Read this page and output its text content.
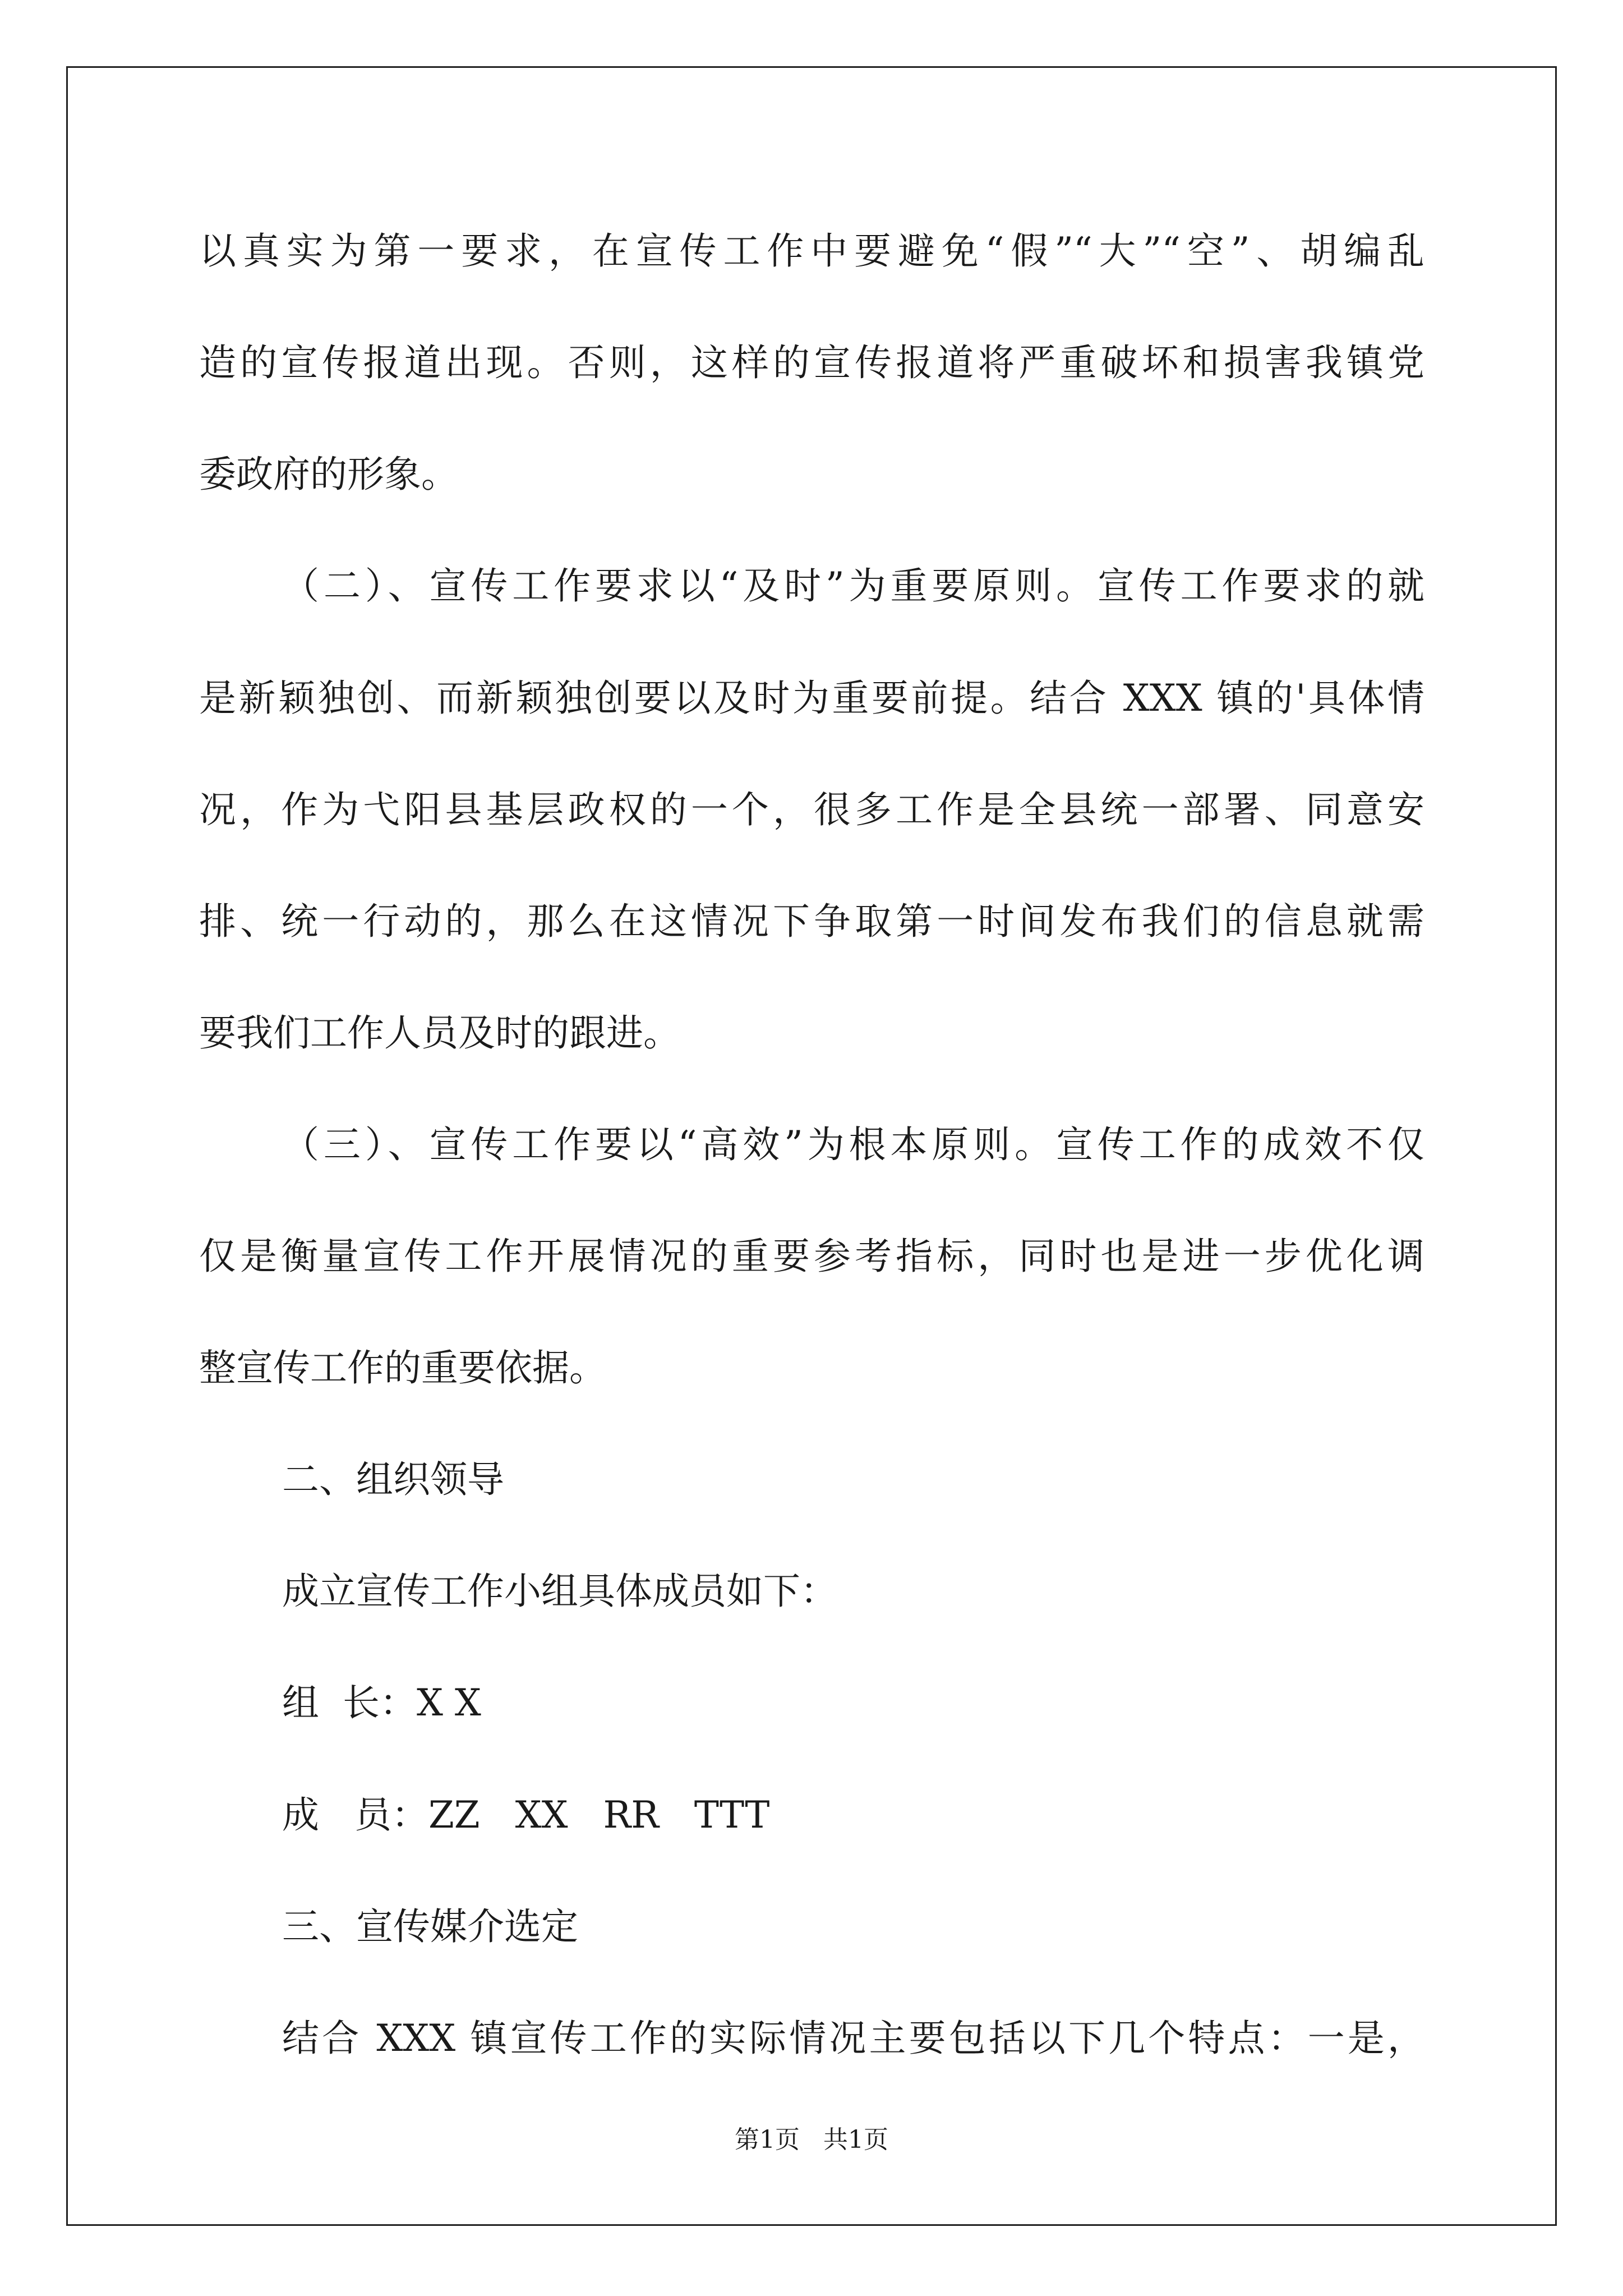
以真实为第一要求，在宣传工作中要避免“假”“大”“空”、胡编乱
造的宣传报道出现。否则，这样的宣传报道将严重破坏和损害我镇党
委政府的形象。
（二）、宣传工作要求以“及时”为重要原则。宣传工作要求的就
是新颖独创、而新颖独创要以及时为重要前提。结合 XXX 镇的'具体情
况，作为弋阳县基层政权的一个，很多工作是全县统一部署、同意安
排、统一行动的，那么在这情况下争取第一时间发布我们的信息就需
要我们工作人员及时的跟进。
（三）、宣传工作要以“高效”为根本原则。宣传工作的成效不仅
仅是衡量宣传工作开展情况的重要参考指标，同时也是进一步优化调
整宣传工作的重要依据。
二、组织领导
成立宣传工作小组具体成员如下：
组  长：X X
成   员：ZZ   XX   RR   TTT
三、宣传媒介选定
结合 XXX 镇宣传工作的实际情况主要包括以下几个特点：一是，
第1页 共1页
